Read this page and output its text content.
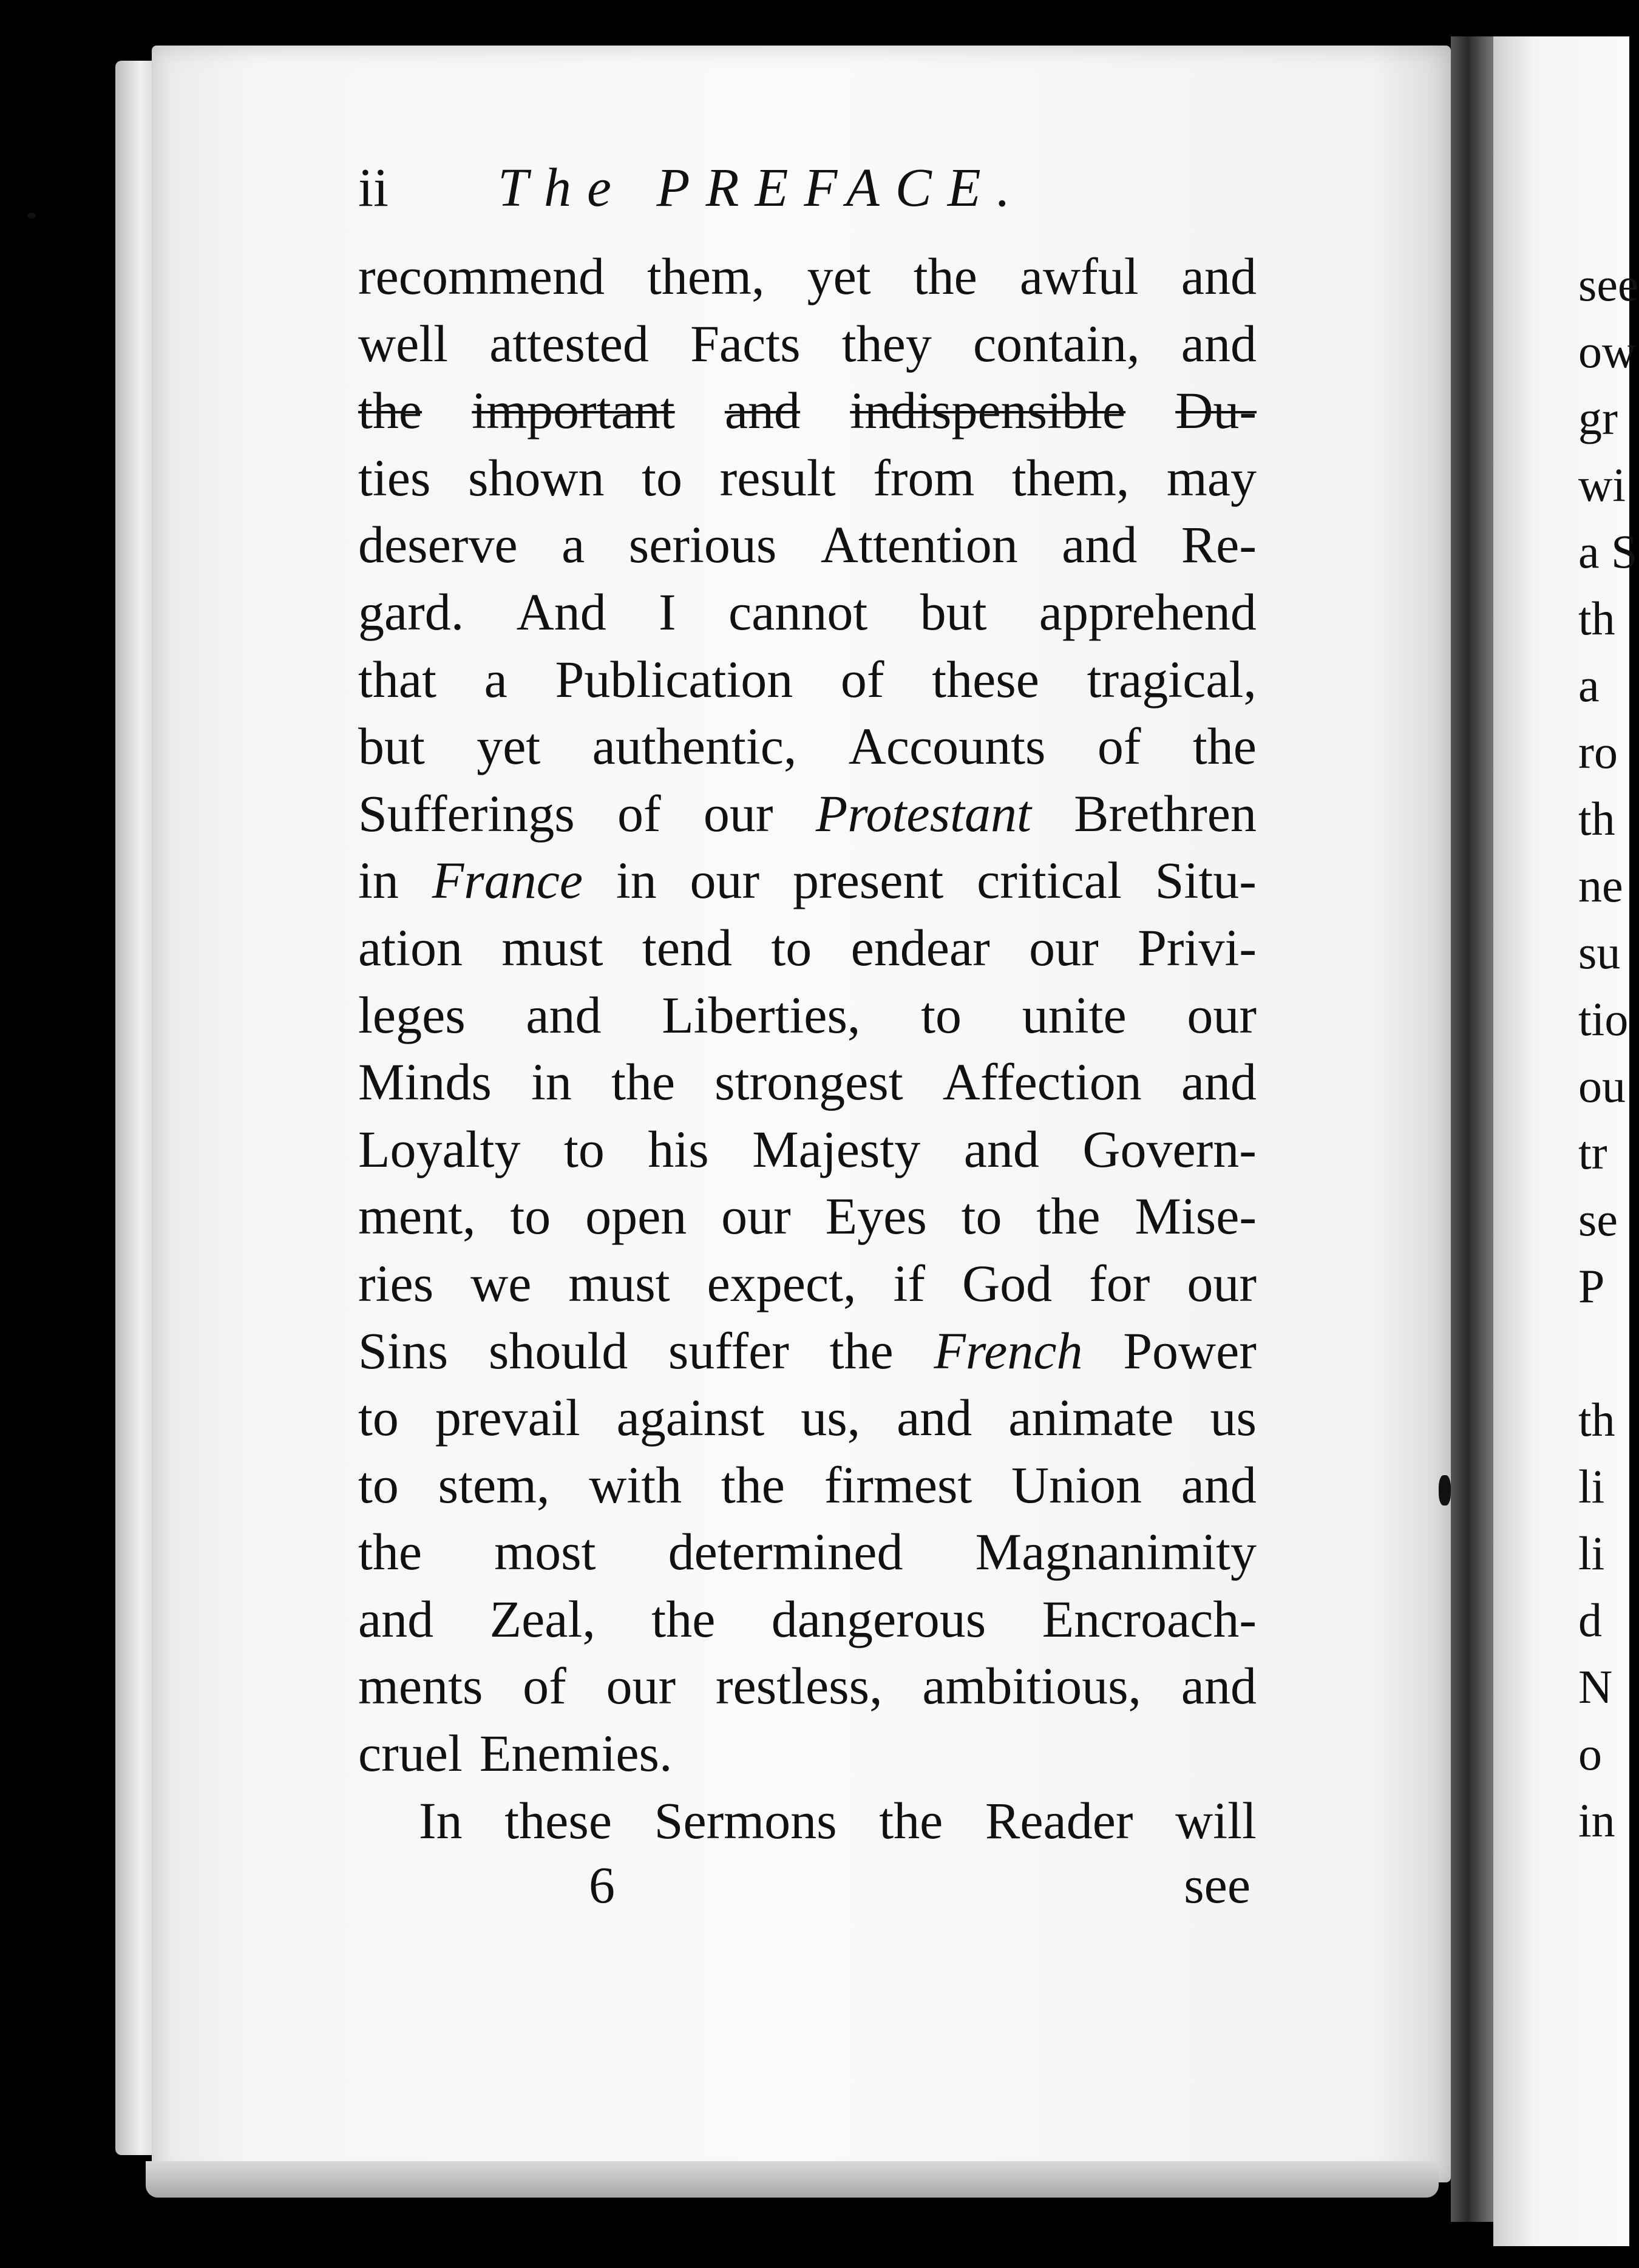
ii The PREFACE.
recommend them, yet the awful and
well attested Facts they contain, and
the important and indispensible Du-
ties shown to result from them, may
deserve a serious Attention and Re-
gard. And I cannot but apprehend
that a Publication of these tragical,
but yet authentic, Accounts of the
Sufferings of our Protestant Brethren
in France in our present critical Situ-
ation must tend to endear our Privi-
leges and Liberties, to unite our
Minds in the strongest Affection and
Loyalty to his Majesty and Govern-
ment, to open our Eyes to the Mise-
ries we must expect, if God for our
Sins should suffer the French Power
to prevail against us, and animate us
to stem, with the firmest Union and
the most determined Magnanimity
and Zeal, the dangerous Encroach-
ments of our restless, ambitious, and
cruel Enemies.
In these Sermons the Reader will
6	see
see
ow
gr
wi
a S
th
a
ro
th
ne
su
tio
ou
tr
se
P
th
li
li
d
N
o
in
